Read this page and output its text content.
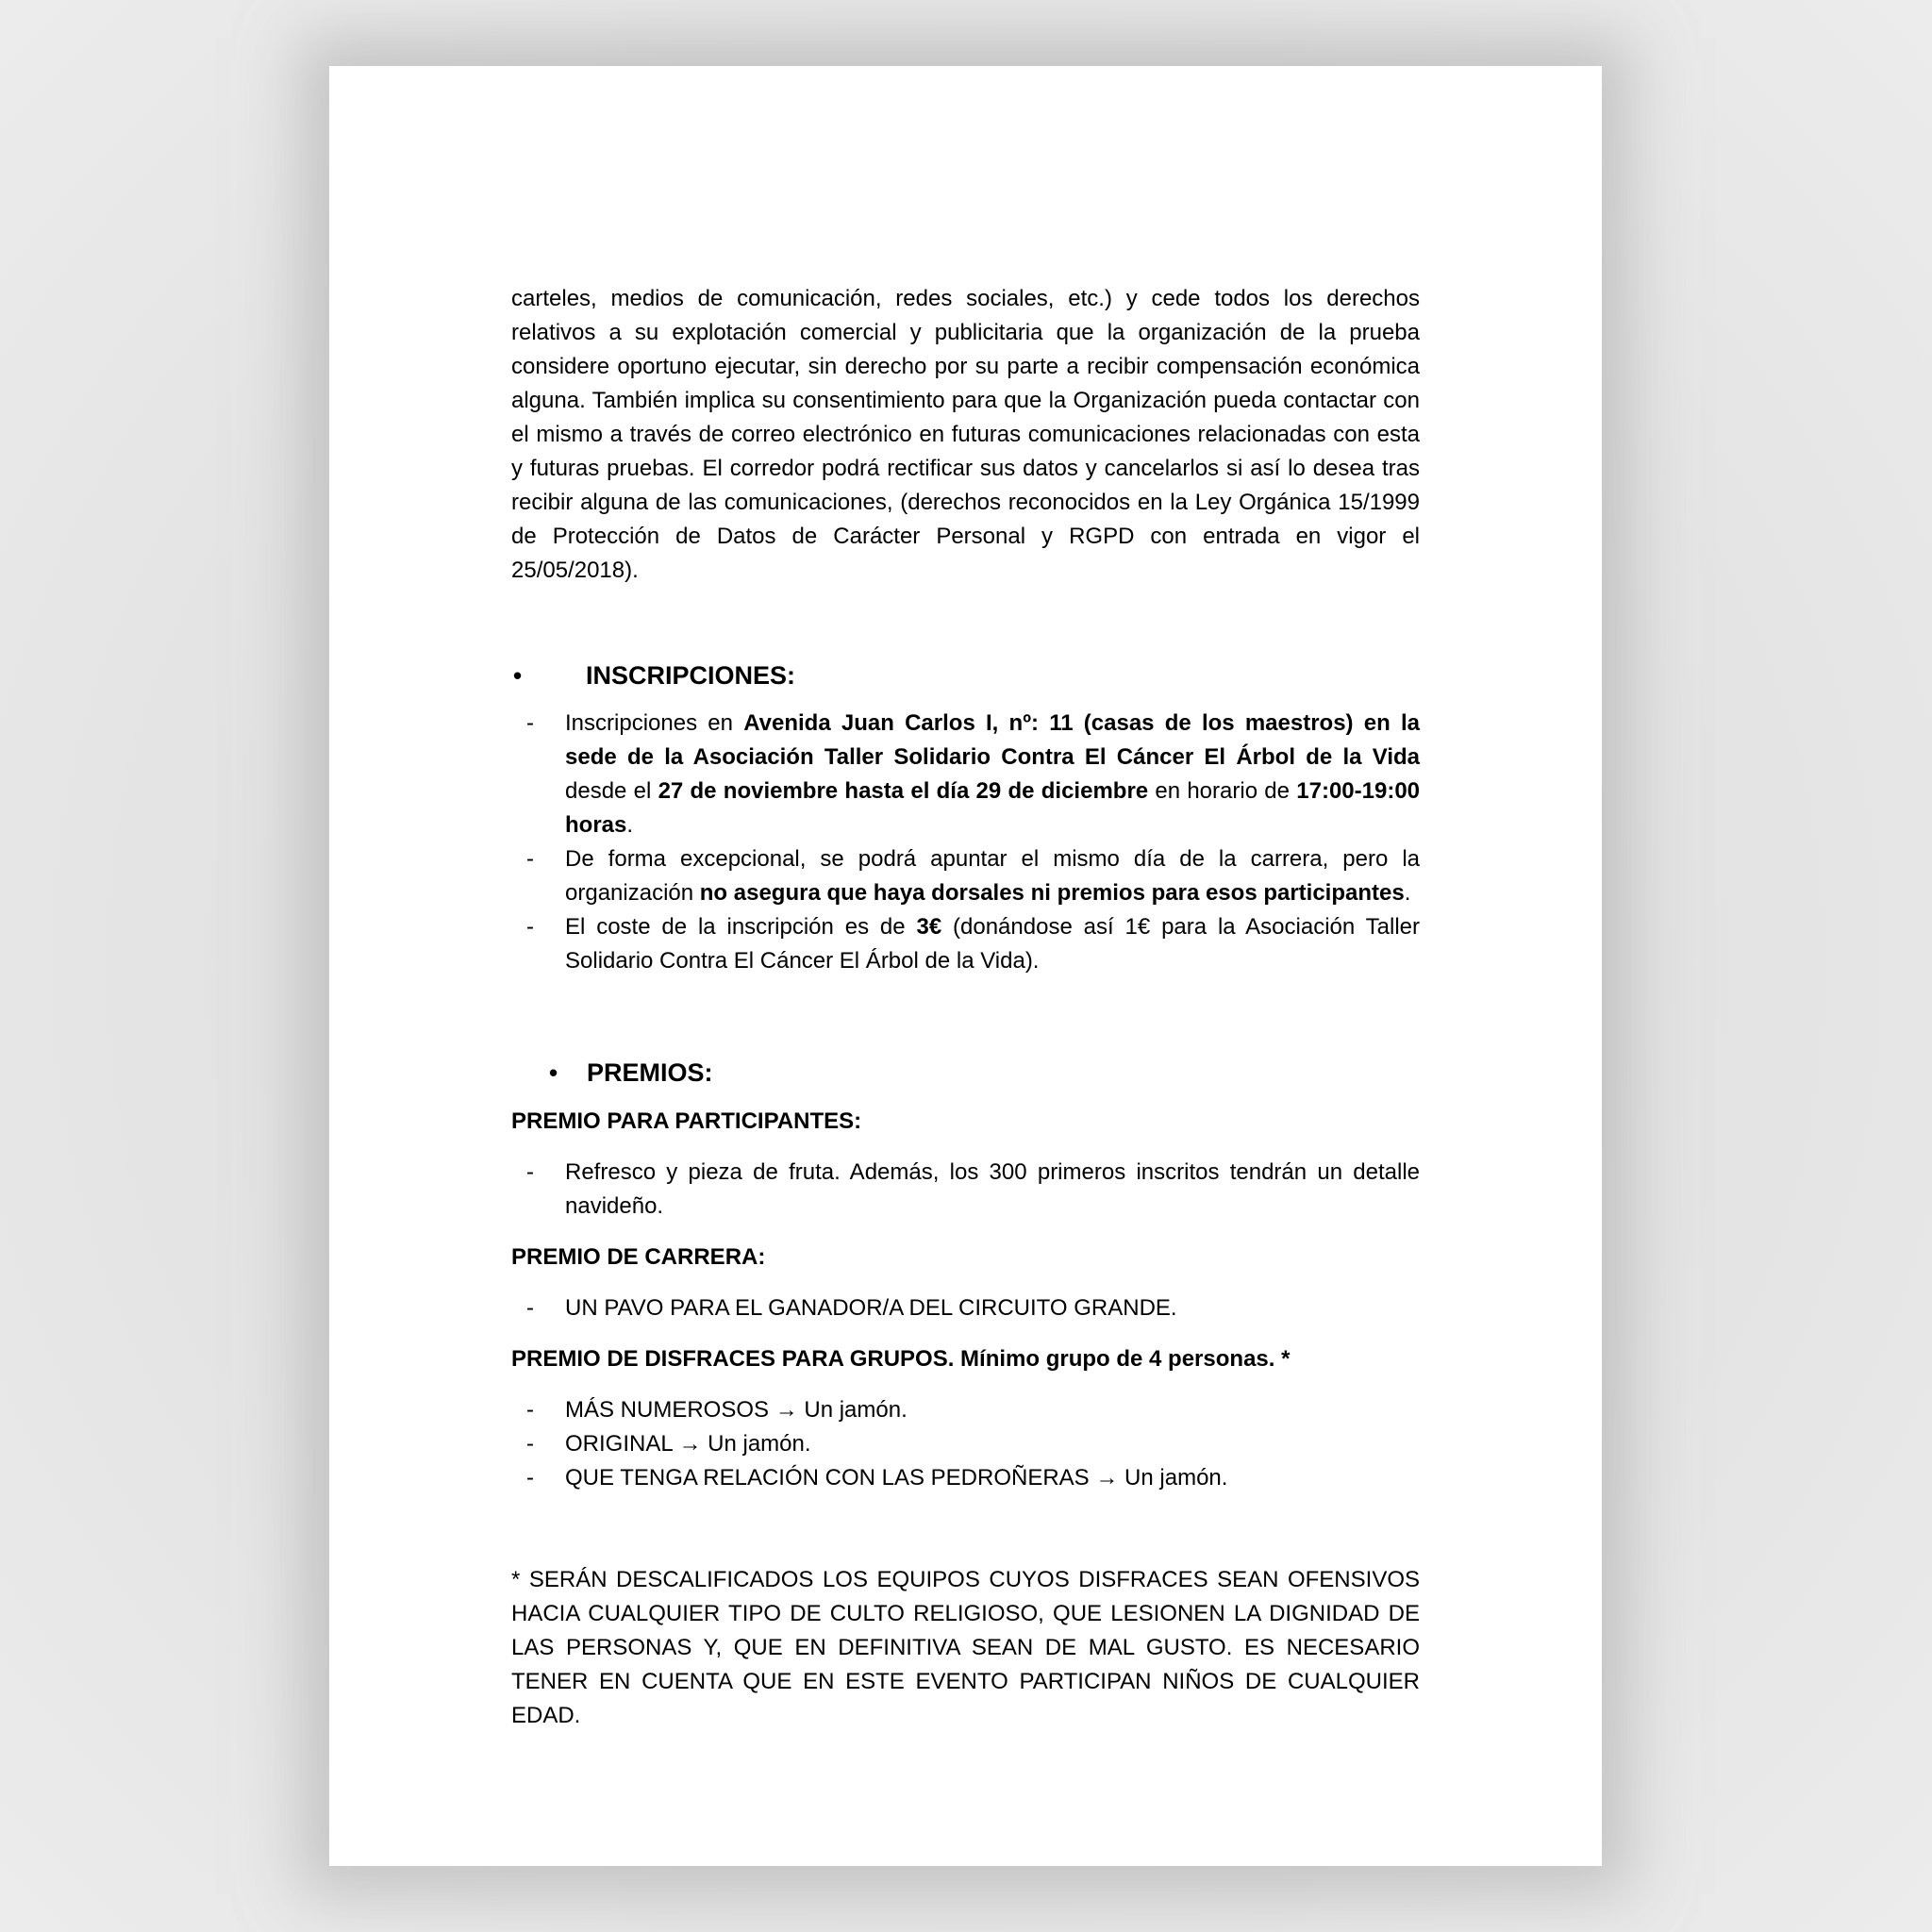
carteles, medios de comunicación, redes sociales, etc.) y cede todos los derechos relativos a su explotación comercial y publicitaria que la organización de la prueba considere oportuno ejecutar, sin derecho por su parte a recibir compensación económica alguna. También implica su consentimiento para que la Organización pueda contactar con el mismo a través de correo electrónico en futuras comunicaciones relacionadas con esta y futuras pruebas. El corredor podrá rectificar sus datos y cancelarlos si así lo desea tras recibir alguna de las comunicaciones, (derechos reconocidos en la Ley Orgánica 15/1999 de Protección de Datos de Carácter Personal y RGPD con entrada en vigor el 25/05/2018).

•	INSCRIPCIONES:
- Inscripciones en Avenida Juan Carlos I, nº: 11 (casas de los maestros) en la sede de la Asociación Taller Solidario Contra El Cáncer El Árbol de la Vida desde el 27 de noviembre hasta el día 29 de diciembre en horario de 17:00-19:00 horas.
- De forma excepcional, se podrá apuntar el mismo día de la carrera, pero la organización no asegura que haya dorsales ni premios para esos participantes.
- El coste de la inscripción es de 3€ (donándose así 1€ para la Asociación Taller Solidario Contra El Cáncer El Árbol de la Vida).
• PREMIOS:

PREMIO PARA PARTICIPANTES:

- Refresco y pieza de fruta. Además, los 300 primeros inscritos tendrán un detalle navideño.

PREMIO DE CARRERA:

- UN PAVO PARA EL GANADOR/A DEL CIRCUITO GRANDE.

PREMIO DE DISFRACES PARA GRUPOS. Mínimo grupo de 4 personas. *

- MÁS NUMEROSOS → Un jamón.
- ORIGINAL → Un jamón.
- QUE TENGA RELACIÓN CON LAS PEDROÑERAS → Un jamón.

* SERÁN DESCALIFICADOS LOS EQUIPOS CUYOS DISFRACES SEAN OFENSIVOS HACIA CUALQUIER TIPO DE CULTO RELIGIOSO, QUE LESIONEN LA DIGNIDAD DE LAS PERSONAS Y, QUE EN DEFINITIVA SEAN DE MAL GUSTO. ES NECESARIO TENER EN CUENTA QUE EN ESTE EVENTO PARTICIPAN NIÑOS DE CUALQUIER EDAD.
